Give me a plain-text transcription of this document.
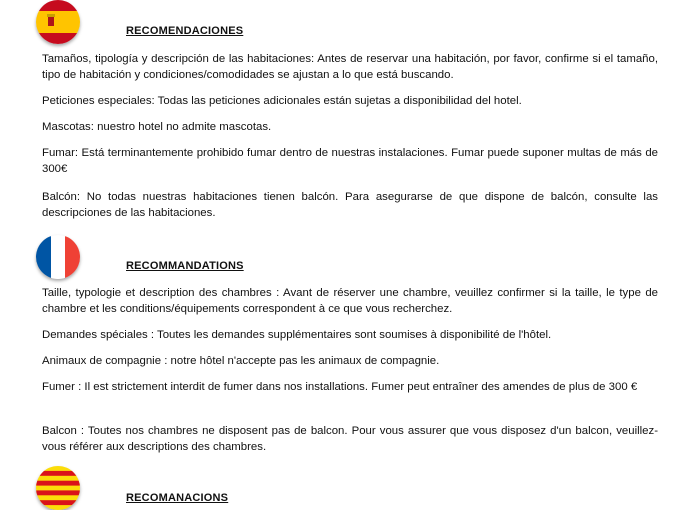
RECOMENDACIONES
Tamaños, tipología y descripción de las habitaciones: Antes de reservar una habitación, por favor, confirme si el tamaño, tipo de habitación y condiciones/comodidades se ajustan a lo que está buscando.
Peticiones especiales: Todas las peticiones adicionales están sujetas a disponibilidad del hotel.
Mascotas: nuestro hotel no admite mascotas.
Fumar: Está terminantemente prohibido fumar dentro de nuestras instalaciones. Fumar puede suponer multas de más de 300€
Balcón: No todas nuestras habitaciones tienen balcón. Para asegurarse de que dispone de balcón, consulte las descripciones de las habitaciones.
RECOMMANDATIONS
Taille, typologie et description des chambres : Avant de réserver une chambre, veuillez confirmer si la taille, le type de chambre et les conditions/équipements correspondent à ce que vous recherchez.
Demandes spéciales : Toutes les demandes supplémentaires sont soumises à disponibilité de l'hôtel.
Animaux de compagnie : notre hôtel n'accepte pas les animaux de compagnie.
Fumer : Il est strictement interdit de fumer dans nos installations. Fumer peut entraîner des amendes de plus de 300 €
Balcon : Toutes nos chambres ne disposent pas de balcon. Pour vous assurer que vous disposez d'un balcon, veuillez-vous référer aux descriptions des chambres.
RECOMANACIONS
